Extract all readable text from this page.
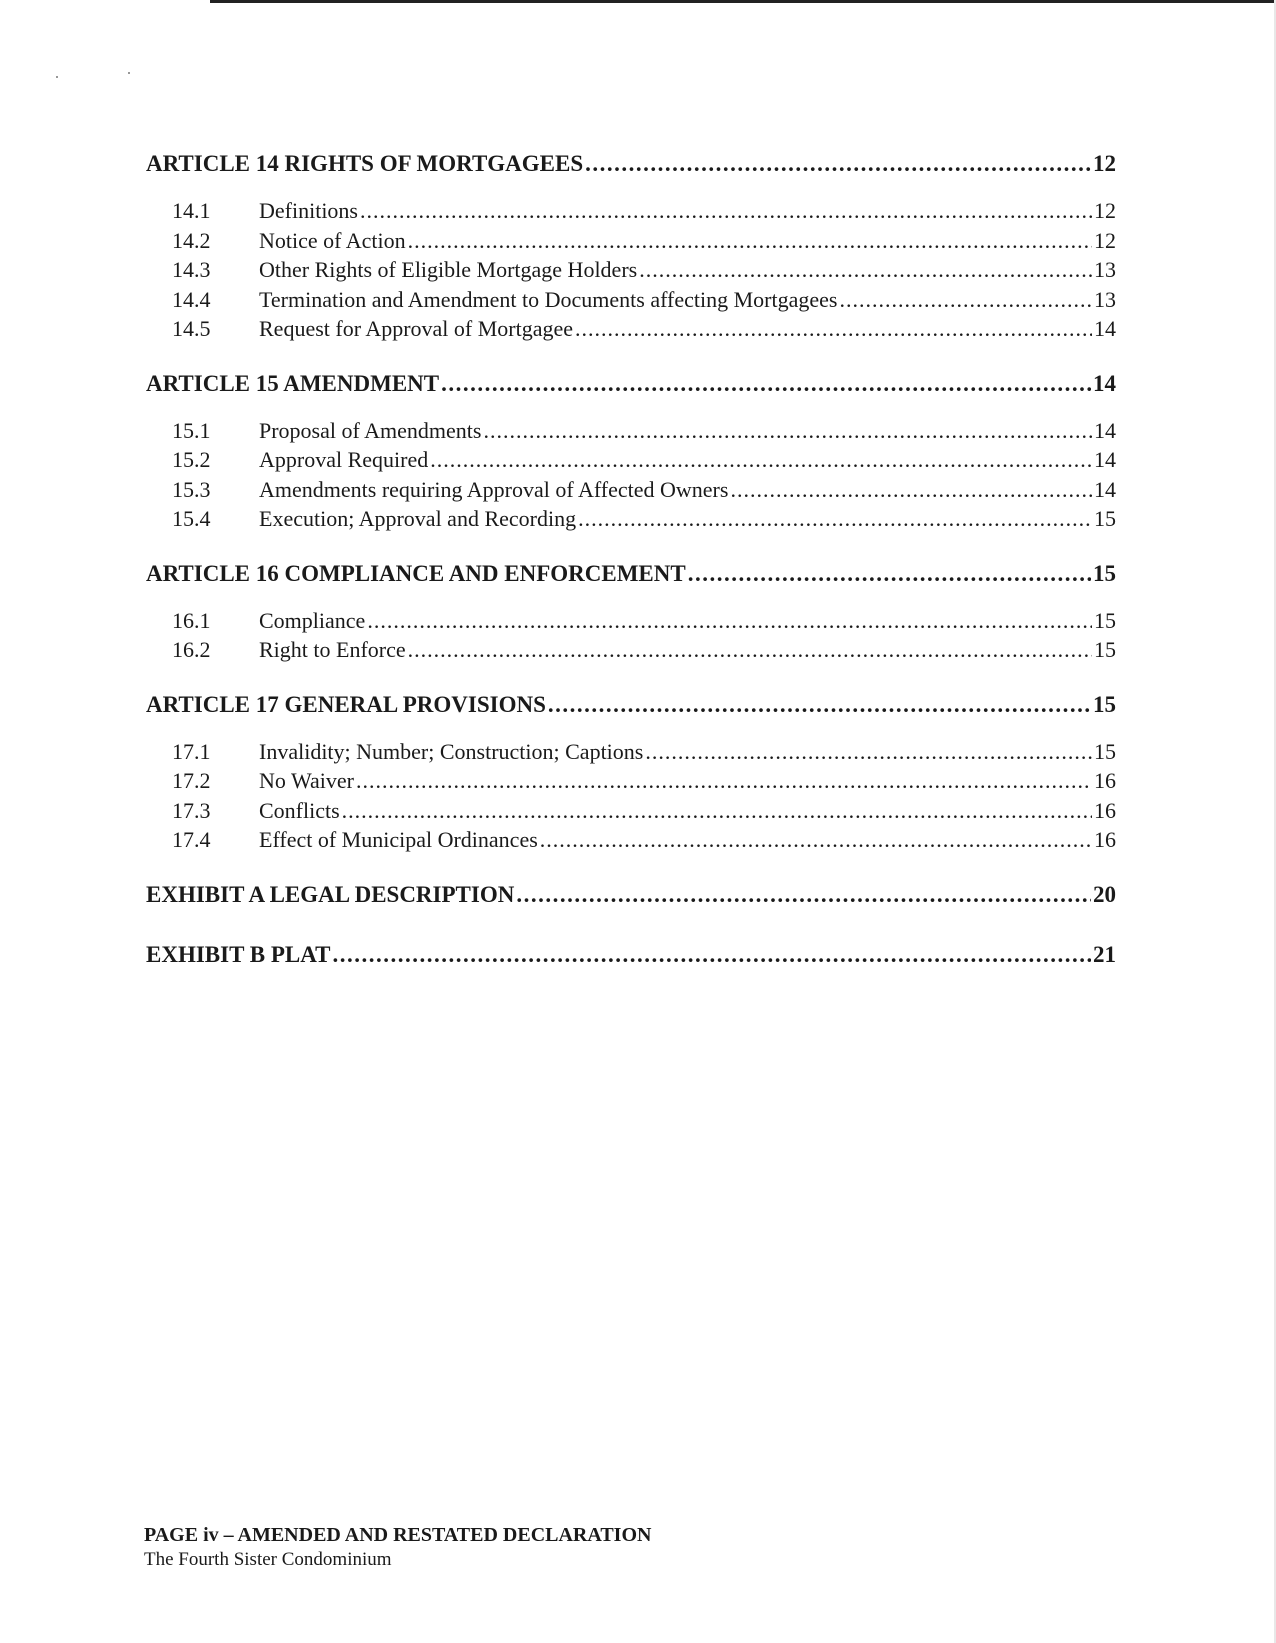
ARTICLE 14 RIGHTS OF MORTGAGEES .....	12
14.1	Definitions .....	12
14.2	Notice of Action .....	12
14.3	Other Rights of Eligible Mortgage Holders .....	13
14.4	Termination and Amendment to Documents affecting Mortgagees .....	13
14.5	Request for Approval of Mortgagee .....	14
ARTICLE 15 AMENDMENT .....	14
15.1	Proposal of Amendments .....	14
15.2	Approval Required .....	14
15.3	Amendments requiring Approval of Affected Owners .....	14
15.4	Execution; Approval and Recording .....	15
ARTICLE 16 COMPLIANCE AND ENFORCEMENT .....	15
16.1	Compliance .....	15
16.2	Right to Enforce .....	15
ARTICLE 17 GENERAL PROVISIONS .....	15
17.1	Invalidity; Number; Construction; Captions .....	15
17.2	No Waiver .....	16
17.3	Conflicts .....	16
17.4	Effect of Municipal Ordinances .....	16
EXHIBIT A LEGAL DESCRIPTION .....	20
EXHIBIT B PLAT .....	21
PAGE iv – AMENDED AND RESTATED DECLARATION
The Fourth Sister Condominium
